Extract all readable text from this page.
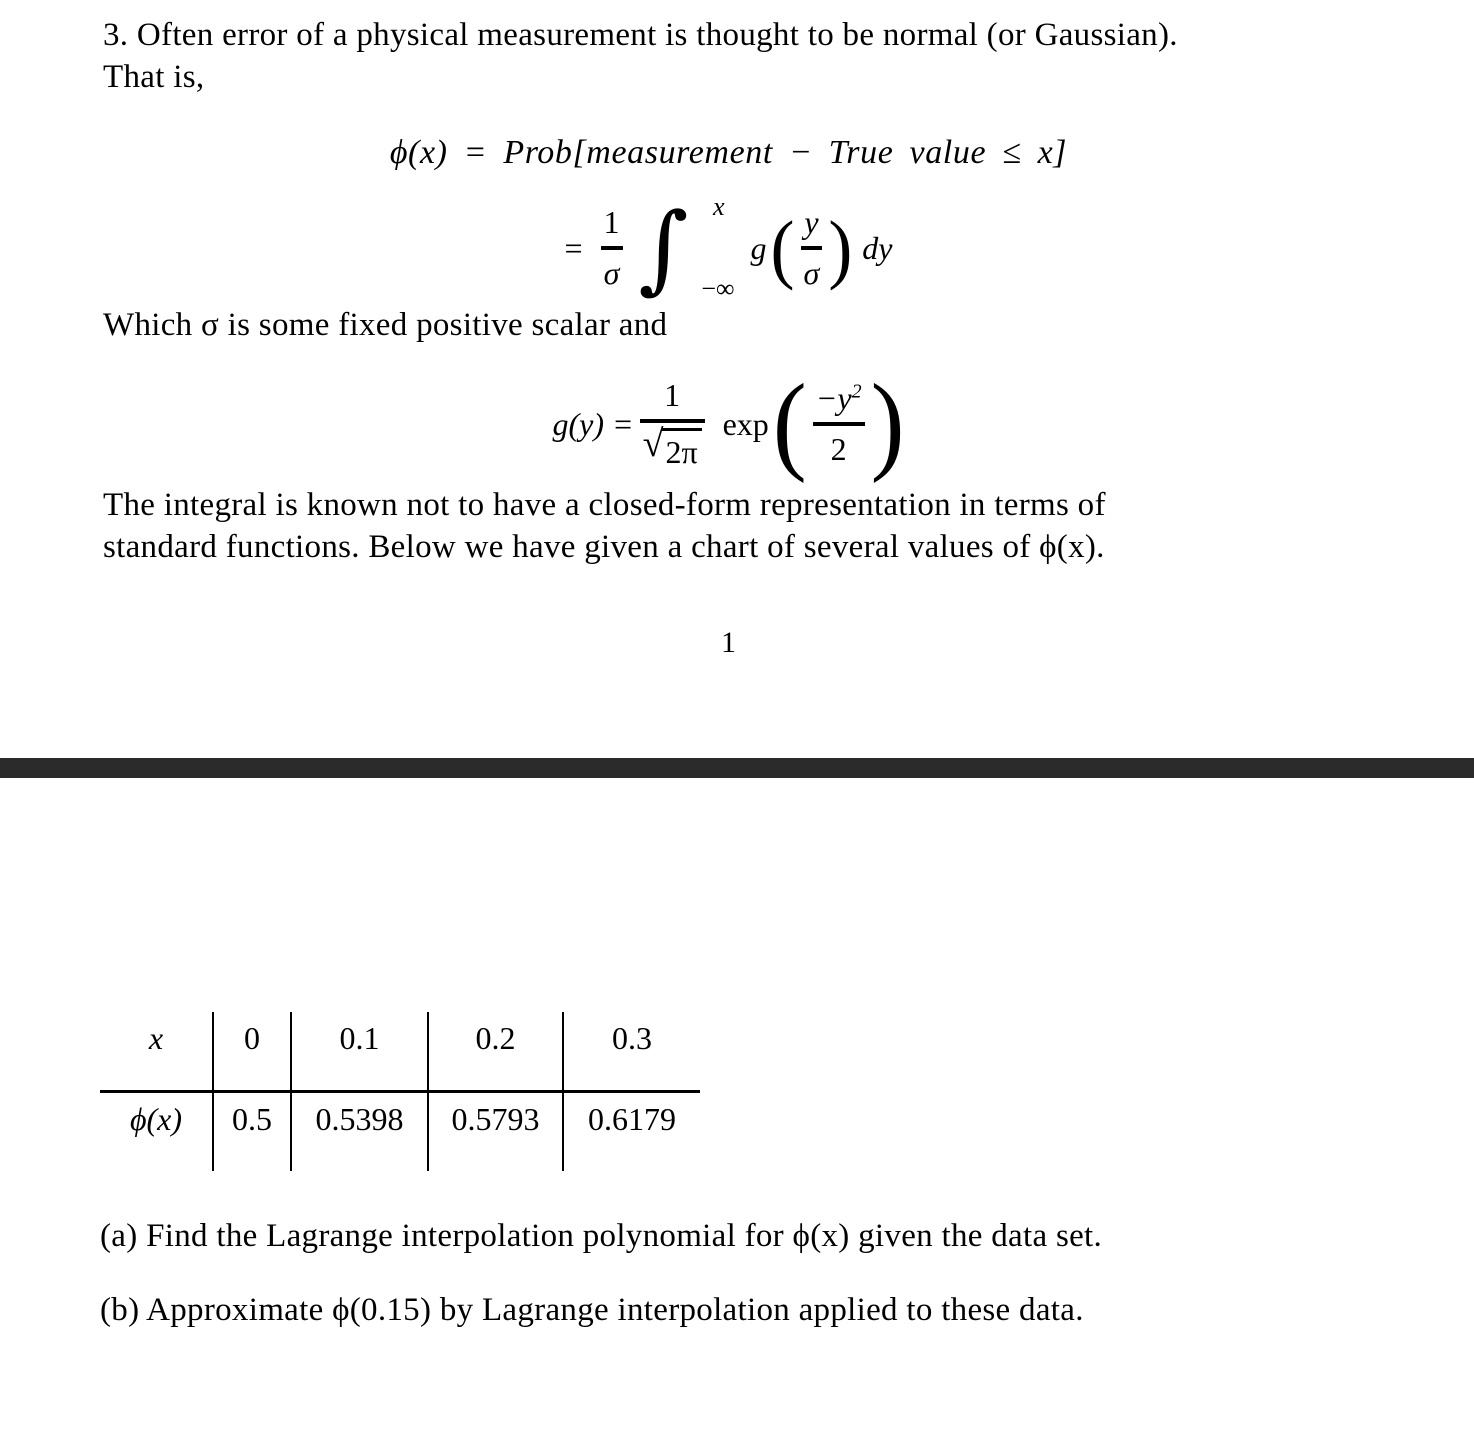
3. Often error of a physical measurement is thought to be normal (or Gaussian).
That is,

ϕ(x) = Prob[measurement − True value ≤ x]
= $\frac{1}{\sigma}$ ∫ x
−∞
g ( $\frac{y}{\sigma}$ ) dy

Which σ is some fixed positive scalar and

$g(y) = \frac{1}{√ 2\pi}$ exp ( $\frac{-y^2}{2}$ )

The integral is known not to have a closed-form representation in terms of
standard functions. Below we have given a chart of several values of ϕ(x).

1
x	0	0.1	0.2	0.3
ϕ(x)	0.5	0.5398	0.5793	0.6179

(a) Find the Lagrange interpolation polynomial for ϕ(x) given the data set.

(b) Approximate ϕ(0.15) by Lagrange interpolation applied to these data.
